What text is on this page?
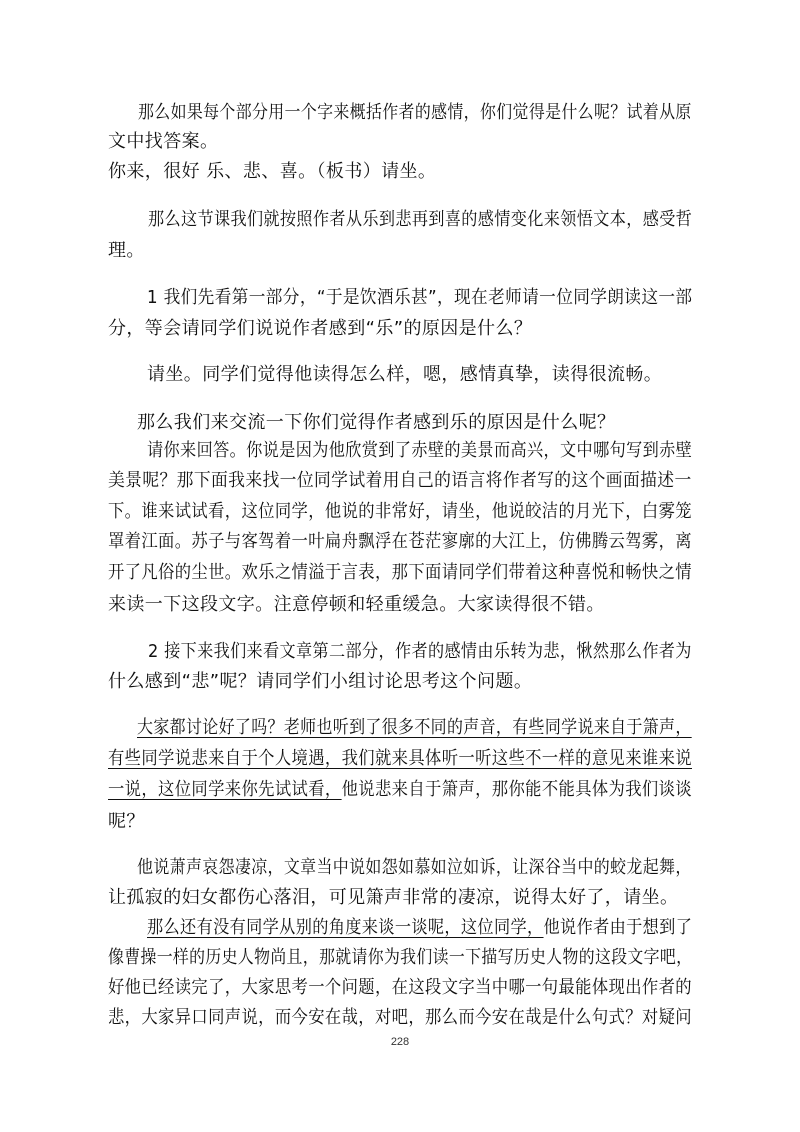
那么如果每个部分用一个字来概括作者的感情，你们觉得是什么呢？试着从原
文中找答案。
你来，很好 乐、悲、喜。（板书）请坐。
那么这节课我们就按照作者从乐到悲再到喜的感情变化来领悟文本，感受哲
理。
1 我们先看第一部分，“于是饮酒乐甚”，现在老师请一位同学朗读这一部
分，等会请同学们说说作者感到“乐”的原因是什么？
请坐。同学们觉得他读得怎么样，嗯，感情真挚，读得很流畅。
那么我们来交流一下你们觉得作者感到乐的原因是什么呢？
请你来回答。你说是因为他欣赏到了赤壁的美景而高兴，文中哪句写到赤壁
美景呢？那下面我来找一位同学试着用自己的语言将作者写的这个画面描述一
下。谁来试试看，这位同学，他说的非常好，请坐，他说皎洁的月光下，白雾笼
罩着江面。苏子与客驾着一叶扁舟飘浮在苍茫寥廓的大江上，仿佛腾云驾雾，离
开了凡俗的尘世。欢乐之情溢于言表，那下面请同学们带着这种喜悦和畅快之情
来读一下这段文字。注意停顿和轻重缓急。大家读得很不错。
2 接下来我们来看文章第二部分，作者的感情由乐转为悲，愀然那么作者为
什么感到“悲”呢？请同学们小组讨论思考这个问题。
大家都讨论好了吗？老师也听到了很多不同的声音，有些同学说来自于箫声，
有些同学说悲来自于个人境遇，我们就来具体听一听这些不一样的意见来谁来说
一说，这位同学来你先试试看，他说悲来自于箫声，那你能不能具体为我们谈谈
呢？
他说萧声哀怨凄凉，文章当中说如怨如慕如泣如诉，让深谷当中的蛟龙起舞，
让孤寂的妇女都伤心落泪，可见箫声非常的凄凉，说得太好了，请坐。
那么还有没有同学从别的角度来谈一谈呢，这位同学，他说作者由于想到了
像曹操一样的历史人物尚且，那就请你为我们读一下描写历史人物的这段文字吧，
好他已经读完了，大家思考一个问题，在这段文字当中哪一句最能体现出作者的
悲，大家异口同声说，而今安在哉，对吧，那么而今安在哉是什么句式？对疑问
228
